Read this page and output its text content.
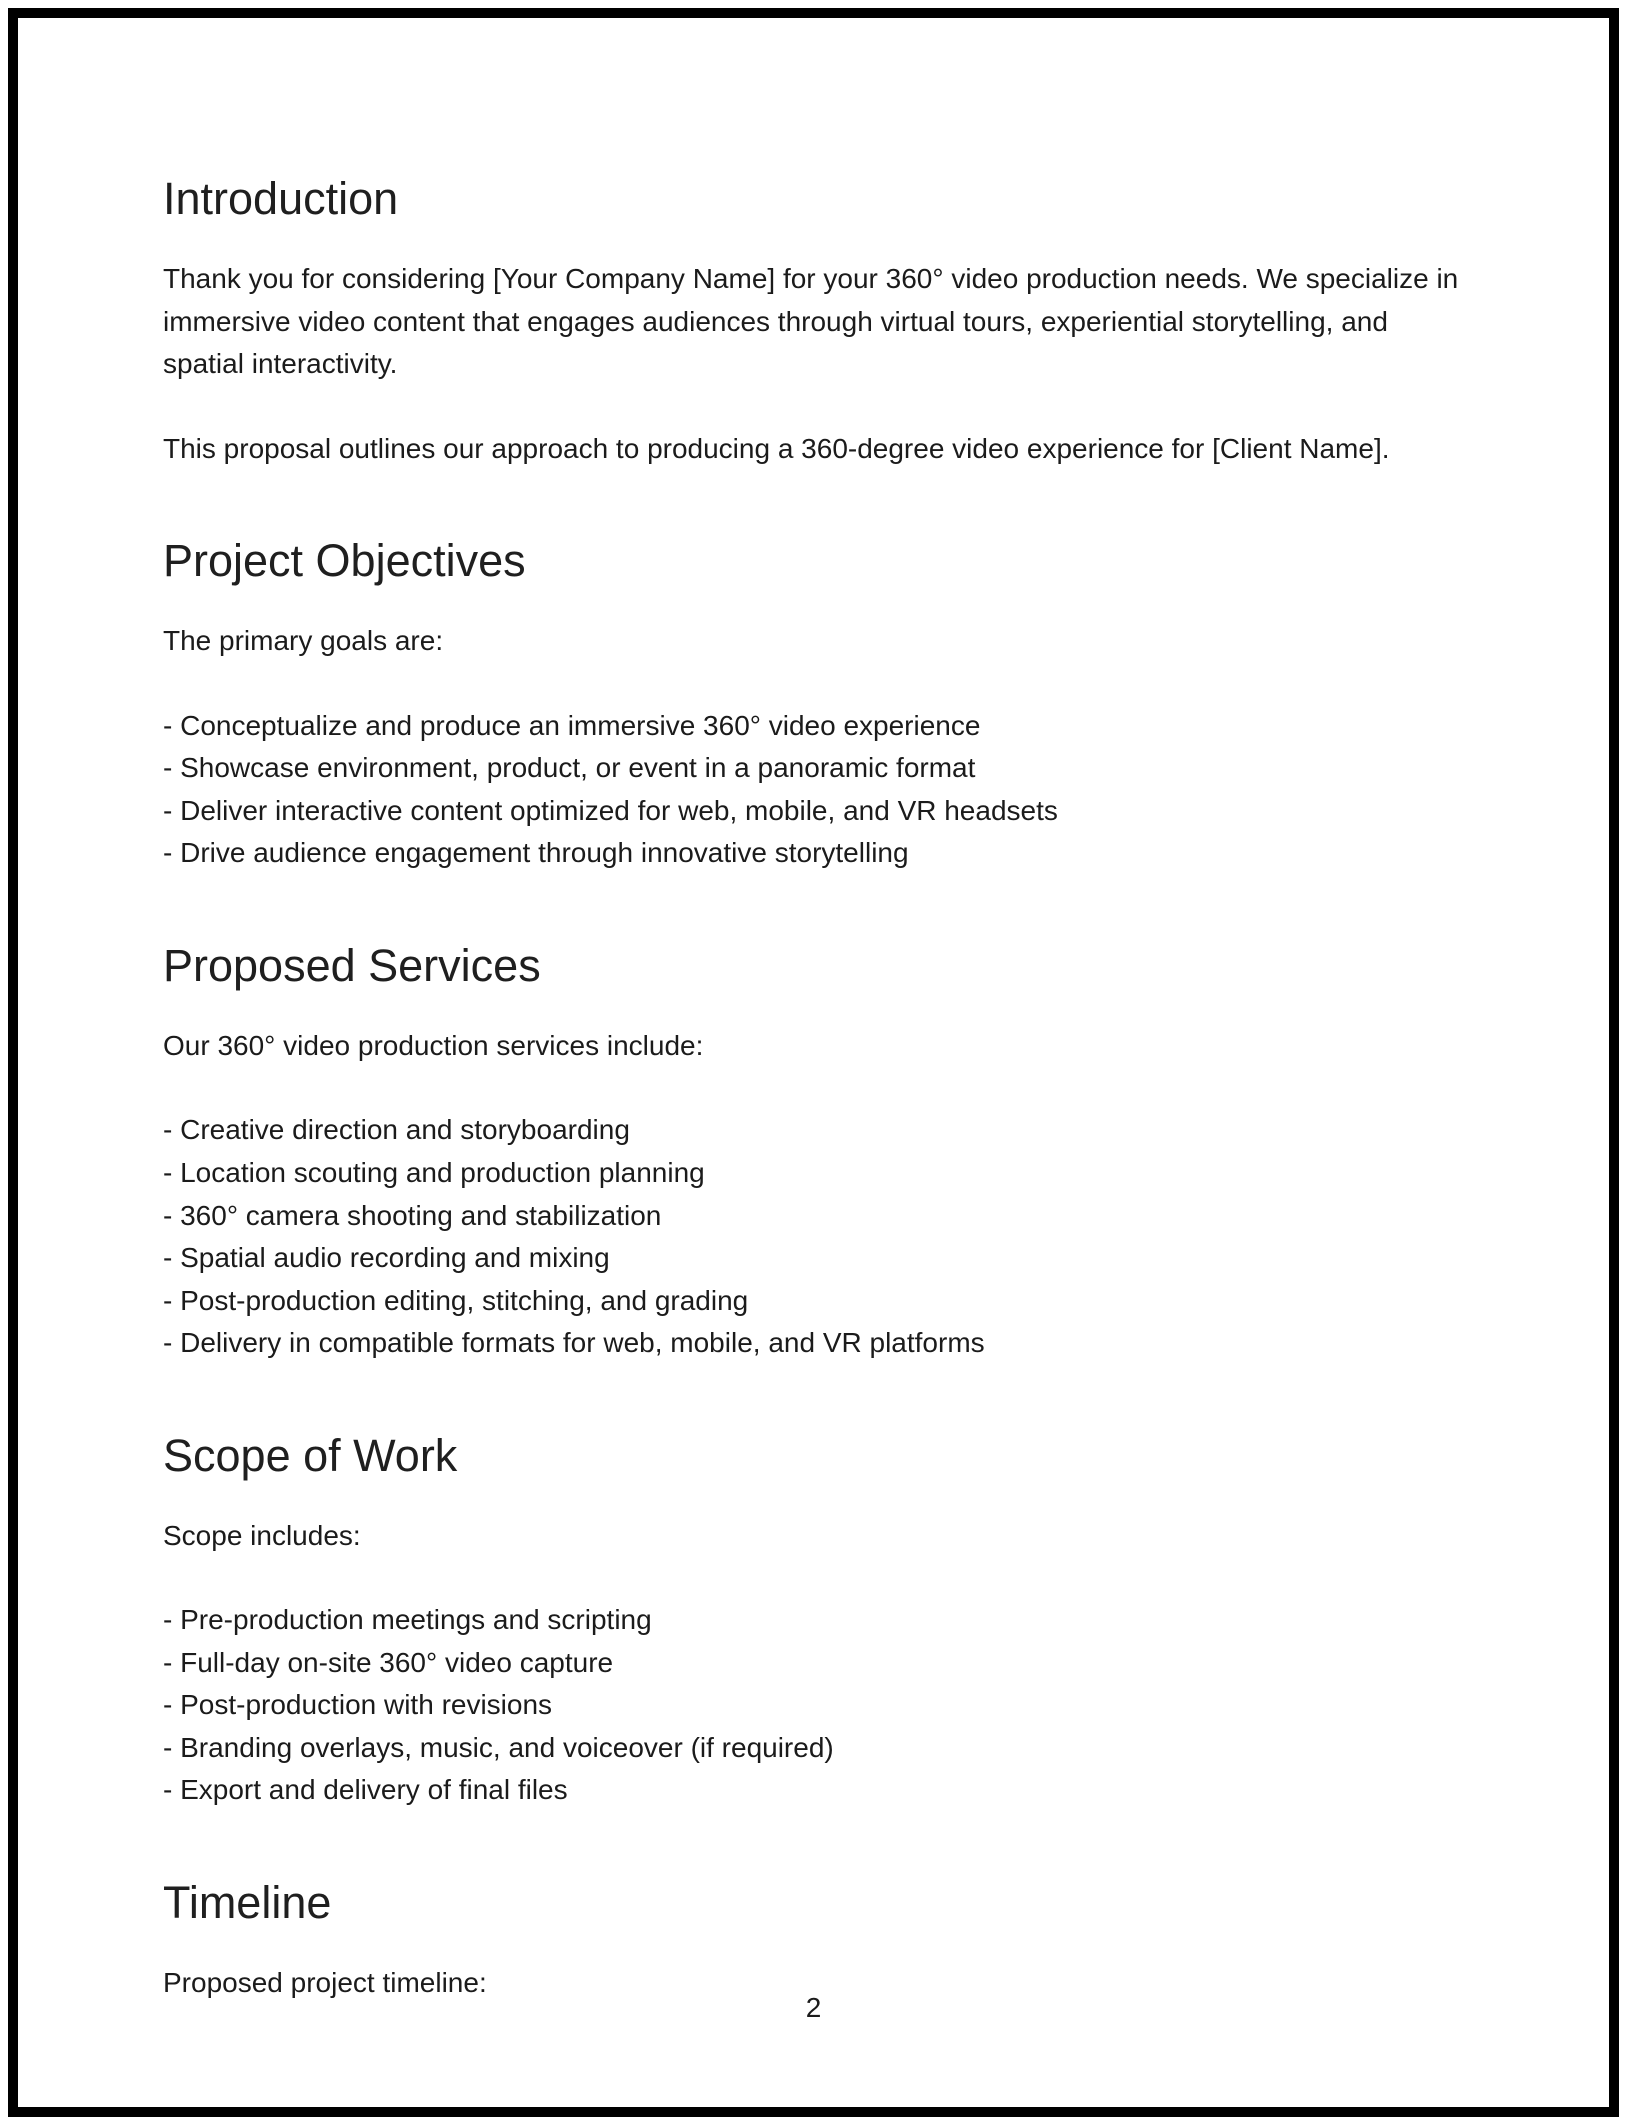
Introduction

Thank you for considering [Your Company Name] for your 360° video production needs. We specialize in immersive video content that engages audiences through virtual tours, experiential storytelling, and spatial interactivity.

This proposal outlines our approach to producing a 360-degree video experience for [Client Name].

Project Objectives

The primary goals are:

- Conceptualize and produce an immersive 360° video experience
- Showcase environment, product, or event in a panoramic format
- Deliver interactive content optimized for web, mobile, and VR headsets
- Drive audience engagement through innovative storytelling
Proposed Services

Our 360° video production services include:

- Creative direction and storyboarding
- Location scouting and production planning
- 360° camera shooting and stabilization
- Spatial audio recording and mixing
- Post-production editing, stitching, and grading
- Delivery in compatible formats for web, mobile, and VR platforms
Scope of Work

Scope includes:

- Pre-production meetings and scripting
- Full-day on-site 360° video capture
- Post-production with revisions
- Branding overlays, music, and voiceover (if required)
- Export and delivery of final files
Timeline

Proposed project timeline:

2
